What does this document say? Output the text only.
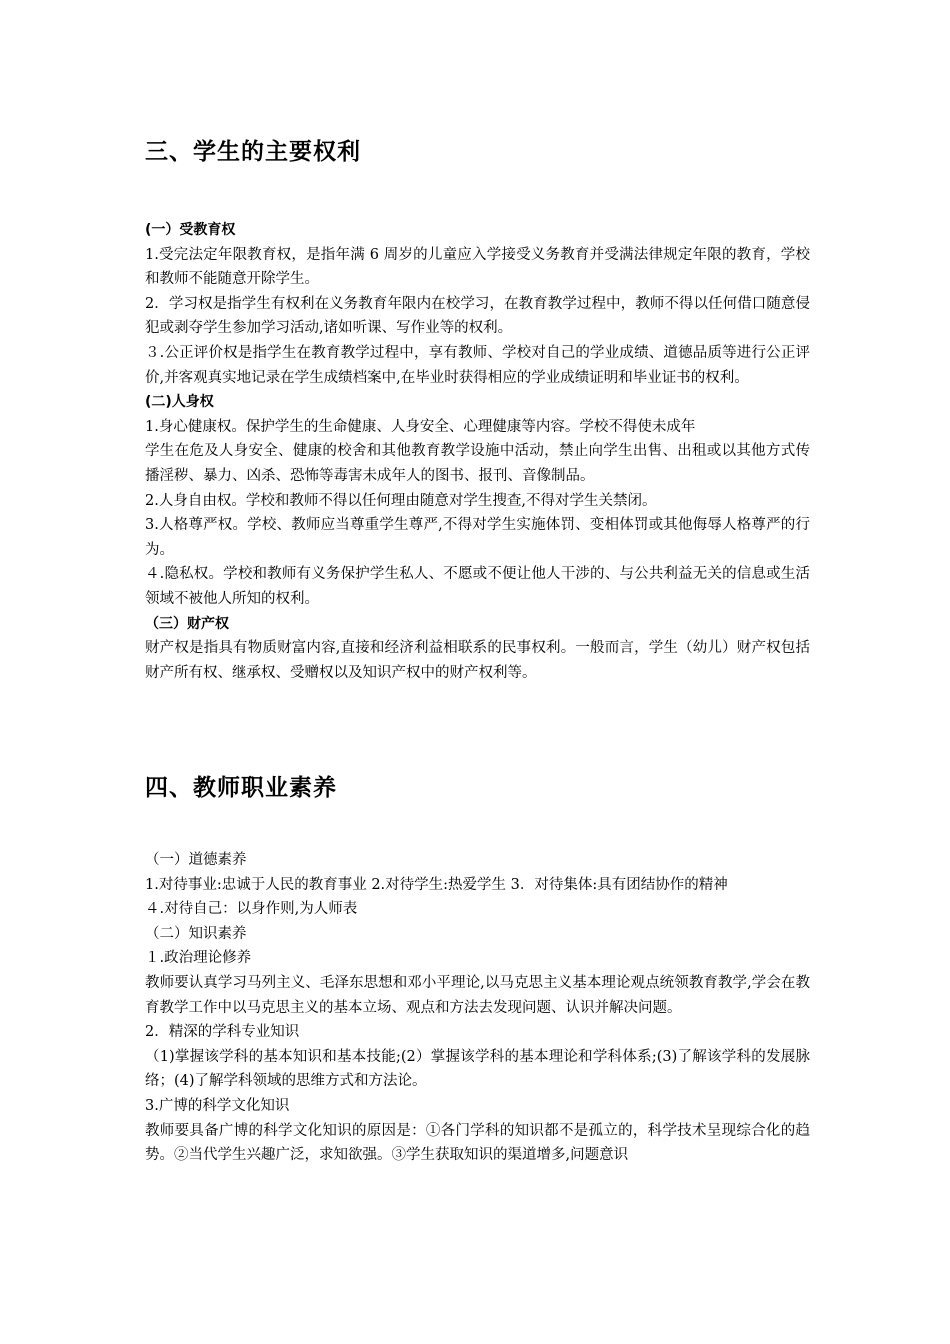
三、学生的主要权利
(一）受教育权

1.受完法定年限教育权，是指年满 6 周岁的儿童应入学接受义务教育并受满法律规定年限的教育，学校和教师不能随意开除学生。

2．学习权是指学生有权利在义务教育年限内在校学习，在教育教学过程中，教师不得以任何借口随意侵犯或剥夺学生参加学习活动,诸如听课、写作业等的权利。

３.公正评价权是指学生在教育教学过程中，享有教师、学校对自己的学业成绩、道德品质等进行公正评价,并客观真实地记录在学生成绩档案中,在毕业时获得相应的学业成绩证明和毕业证书的权利。

(二)人身权

1.身心健康权。保护学生的生命健康、人身安全、心理健康等内容。学校不得使未成年

学生在危及人身安全、健康的校舍和其他教育教学设施中活动，禁止向学生出售、出租或以其他方式传播淫秽、暴力、凶杀、恐怖等毒害未成年人的图书、报刊、音像制品。

2.人身自由权。学校和教师不得以任何理由随意对学生搜查,不得对学生关禁闭。

3.人格尊严权。学校、教师应当尊重学生尊严,不得对学生实施体罚、变相体罚或其他侮辱人格尊严的行为。

４.隐私权。学校和教师有义务保护学生私人、不愿或不便让他人干涉的、与公共利益无关的信息或生活领域不被他人所知的权利。

（三）财产权

财产权是指具有物质财富内容,直接和经济利益相联系的民事权利。一般而言，学生（幼儿）财产权包括财产所有权、继承权、受赠权以及知识产权中的财产权利等。

四、教师职业素养

（一）道德素养

1.对待事业:忠诚于人民的教育事业 2.对待学生:热爱学生 3．对待集体:具有团结协作的精神

４.对待自己：以身作则,为人师表

（二）知识素养

１.政治理论修养

教师要认真学习马列主义、毛泽东思想和邓小平理论,以马克思主义基本理论观点统领教育教学,学会在教育教学工作中以马克思主义的基本立场、观点和方法去发现问题、认识并解决问题。

2．精深的学科专业知识

（1)掌握该学科的基本知识和基本技能;(2）掌握该学科的基本理论和学科体系;(3)了解该学科的发展脉络；(4)了解学科领域的思维方式和方法论。

3.广博的科学文化知识

教师要具备广博的科学文化知识的原因是：①各门学科的知识都不是孤立的，科学技术呈现综合化的趋势。②当代学生兴趣广泛，求知欲强。③学生获取知识的渠道增多,问题意识
